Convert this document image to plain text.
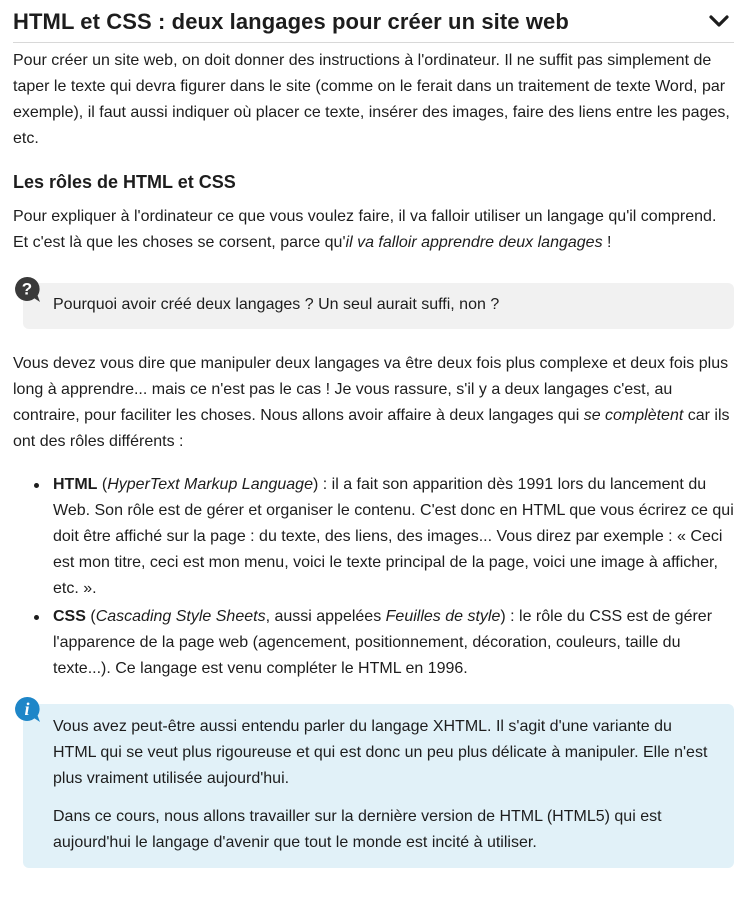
HTML et CSS : deux langages pour créer un site web

Pour créer un site web, on doit donner des instructions à l'ordinateur. Il ne suffit pas simplement de taper le texte qui devra figurer dans le site (comme on le ferait dans un traitement de texte Word, par exemple), il faut aussi indiquer où placer ce texte, insérer des images, faire des liens entre les pages, etc.

Les rôles de HTML et CSS

Pour expliquer à l'ordinateur ce que vous voulez faire, il va falloir utiliser un langage qu'il comprend. Et c'est là que les choses se corsent, parce qu'il va falloir apprendre deux langages !

?

Pourquoi avoir créé deux langages ? Un seul aurait suffi, non ?

Vous devez vous dire que manipuler deux langages va être deux fois plus complexe et deux fois plus long à apprendre... mais ce n'est pas le cas ! Je vous rassure, s'il y a deux langages c'est, au contraire, pour faciliter les choses. Nous allons avoir affaire à deux langages qui se complètent car ils ont des rôles différents :

HTML (HyperText Markup Language) : il a fait son apparition dès 1991 lors du lancement du Web. Son rôle est de gérer et organiser le contenu. C'est donc en HTML que vous écrirez ce qui doit être affiché sur la page : du texte, des liens, des images... Vous direz par exemple : « Ceci est mon titre, ceci est mon menu, voici le texte principal de la page, voici une image à afficher, etc. ».
CSS (Cascading Style Sheets, aussi appelées Feuilles de style) : le rôle du CSS est de gérer l'apparence de la page web (agencement, positionnement, décoration, couleurs, taille du texte...). Ce langage est venu compléter le HTML en 1996.
i

Vous avez peut-être aussi entendu parler du langage XHTML. Il s'agit d'une variante du HTML qui se veut plus rigoureuse et qui est donc un peu plus délicate à manipuler. Elle n'est plus vraiment utilisée aujourd'hui.

Dans ce cours, nous allons travailler sur la dernière version de HTML (HTML5) qui est aujourd'hui le langage d'avenir que tout le monde est incité à utiliser.
